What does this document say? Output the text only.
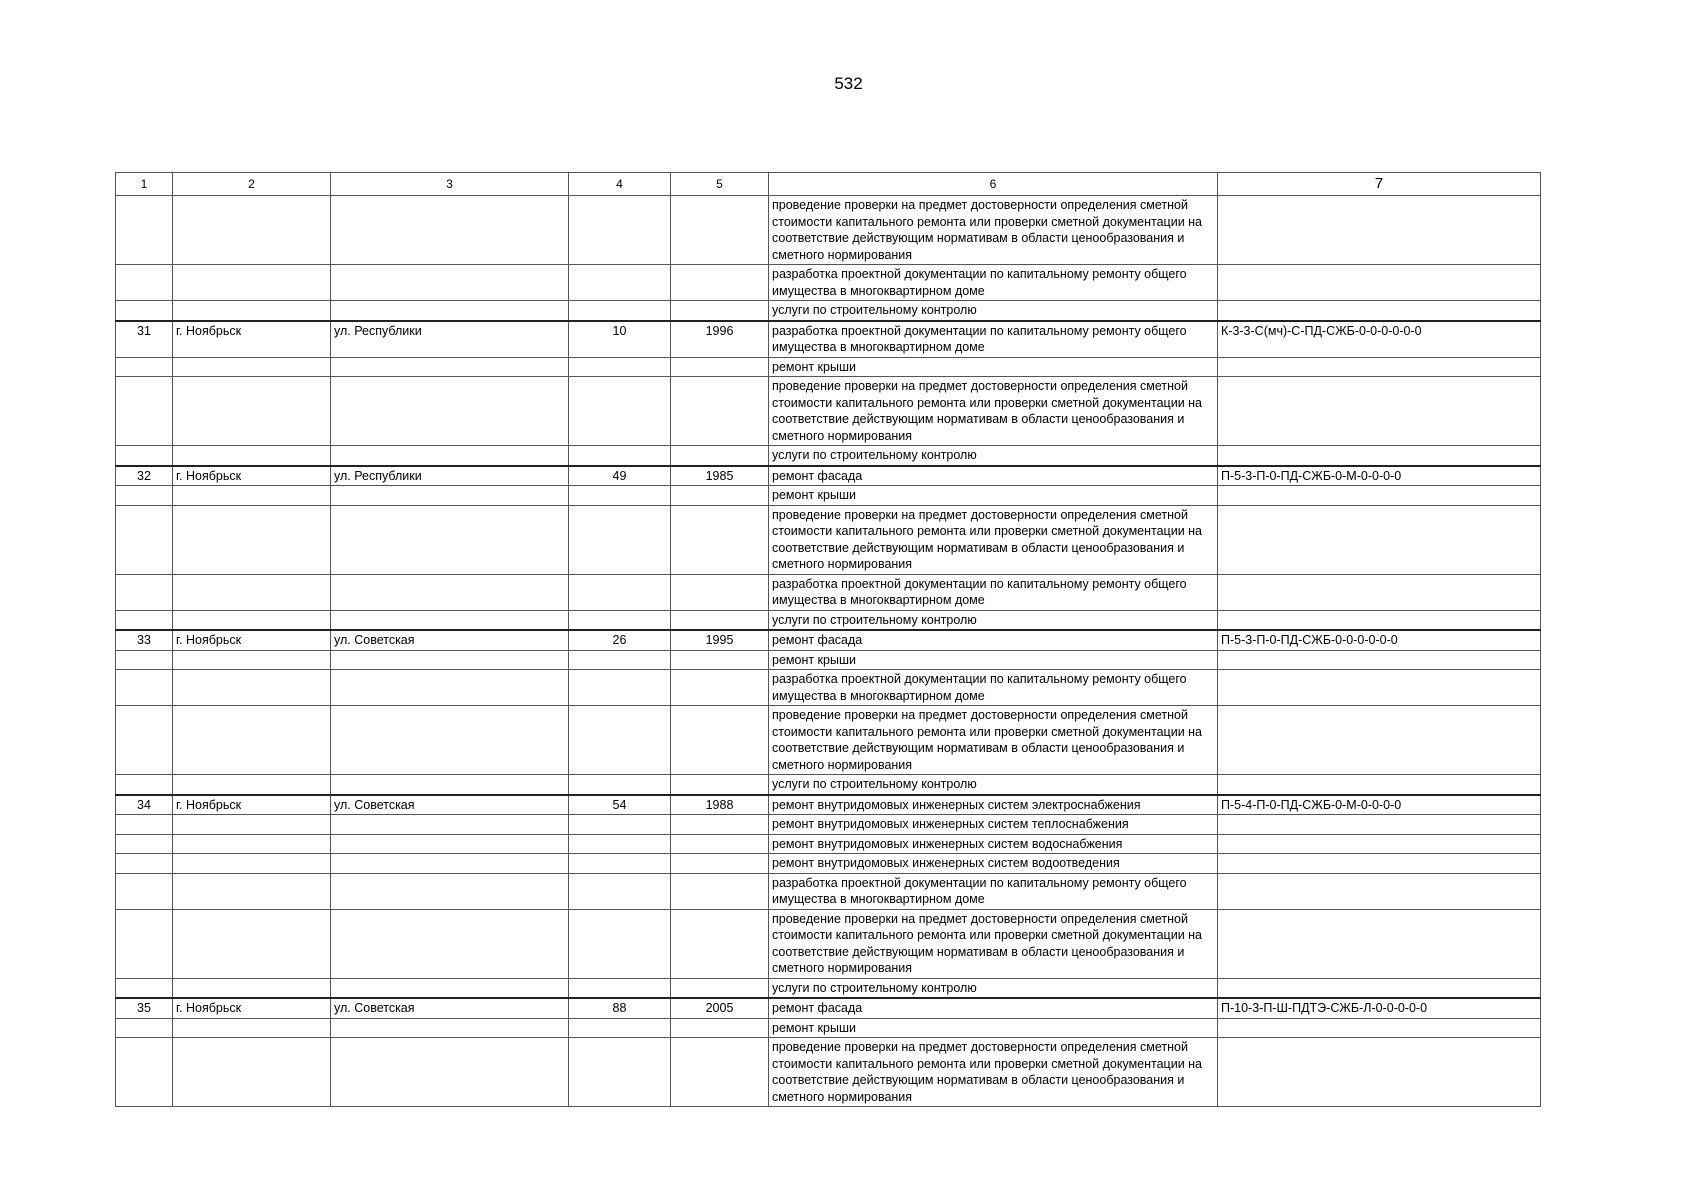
532
1	2	3	4	5	6	7
					проведение проверки на предмет достоверности определения сметной стоимости капитального ремонта или проверки сметной документации на соответствие действующим нормативам в области ценообразования и сметного нормирования	
					разработка проектной документации по капитальному ремонту общего имущества в многоквартирном доме	
					услуги по строительному контролю	
31	г. Ноябрьск	ул. Республики	10	1996	разработка проектной документации по капитальному ремонту общего имущества в многоквартирном доме	К-3-3-С(мч)-С-ПД-СЖБ-0-0-0-0-0-0
					ремонт крыши	
					проведение проверки на предмет достоверности определения сметной стоимости капитального ремонта или проверки сметной документации на соответствие действующим нормативам в области ценообразования и сметного нормирования	
					услуги по строительному контролю	
32	г. Ноябрьск	ул. Республики	49	1985	ремонт фасада	П-5-3-П-0-ПД-СЖБ-0-М-0-0-0-0
					ремонт крыши	
					проведение проверки на предмет достоверности определения сметной стоимости капитального ремонта или проверки сметной документации на соответствие действующим нормативам в области ценообразования и сметного нормирования	
					разработка проектной документации по капитальному ремонту общего имущества в многоквартирном доме	
					услуги по строительному контролю	
33	г. Ноябрьск	ул. Советская	26	1995	ремонт фасада	П-5-3-П-0-ПД-СЖБ-0-0-0-0-0-0
					ремонт крыши	
					разработка проектной документации по капитальному ремонту общего имущества в многоквартирном доме	
					проведение проверки на предмет достоверности определения сметной стоимости капитального ремонта или проверки сметной документации на соответствие действующим нормативам в области ценообразования и сметного нормирования	
					услуги по строительному контролю	
34	г. Ноябрьск	ул. Советская	54	1988	ремонт внутридомовых инженерных систем электроснабжения	П-5-4-П-0-ПД-СЖБ-0-М-0-0-0-0
					ремонт внутридомовых инженерных систем теплоснабжения	
					ремонт внутридомовых инженерных систем водоснабжения	
					ремонт внутридомовых инженерных систем водоотведения	
					разработка проектной документации по капитальному ремонту общего имущества в многоквартирном доме	
					проведение проверки на предмет достоверности определения сметной стоимости капитального ремонта или проверки сметной документации на соответствие действующим нормативам в области ценообразования и сметного нормирования	
					услуги по строительному контролю	
35	г. Ноябрьск	ул. Советская	88	2005	ремонт фасада	П-10-3-П-Ш-ПДТЭ-СЖБ-Л-0-0-0-0-0
					ремонт крыши	
					проведение проверки на предмет достоверности определения сметной стоимости капитального ремонта или проверки сметной документации на соответствие действующим нормативам в области ценообразования и сметного нормирования	
